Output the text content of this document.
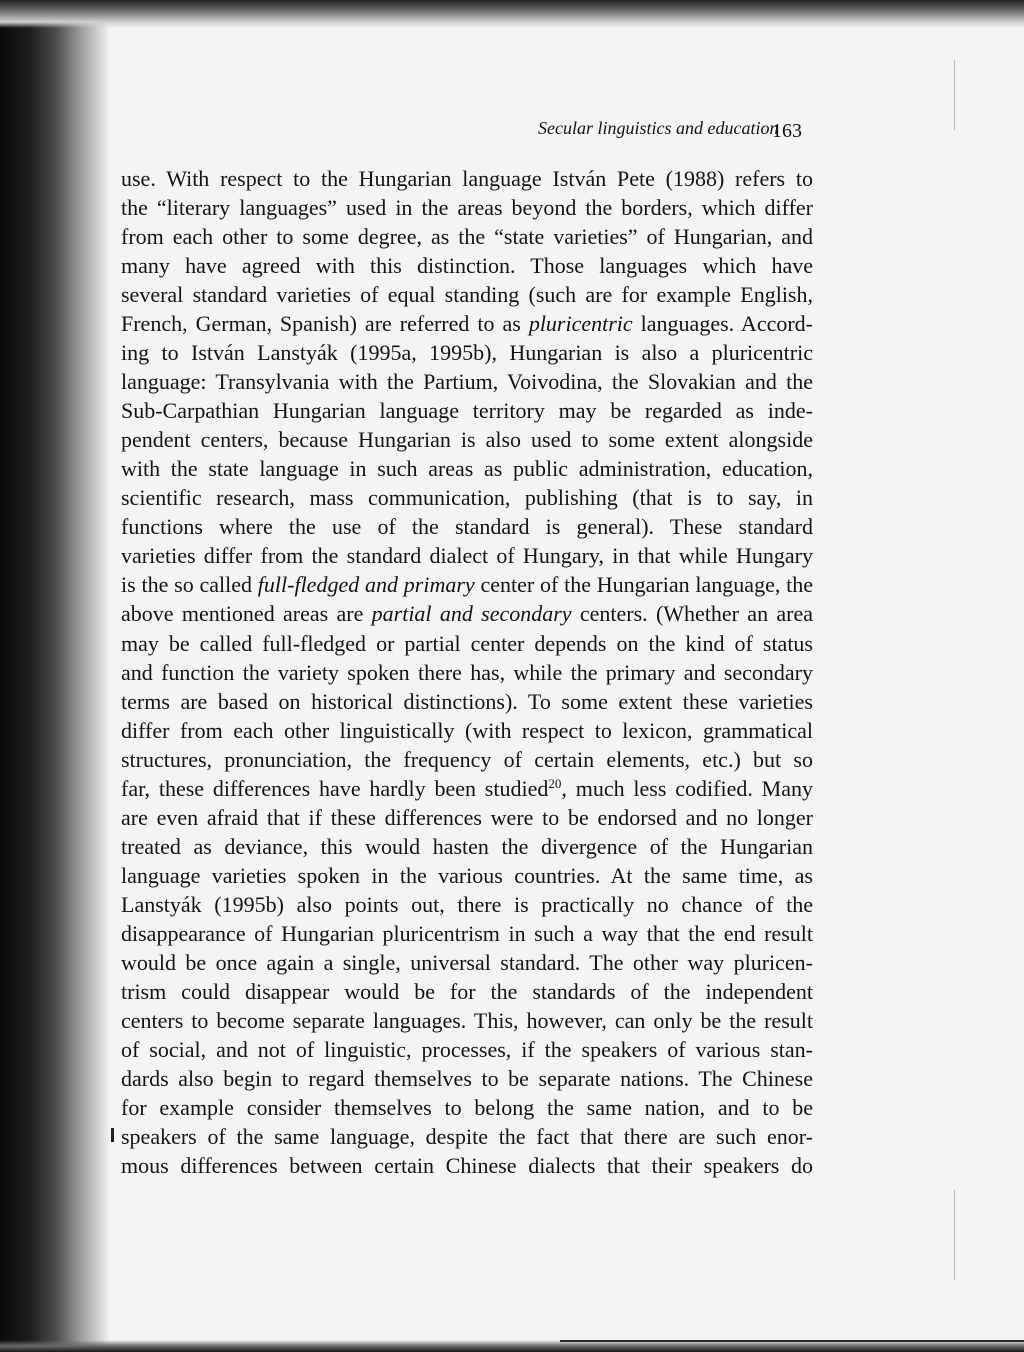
Secular linguistics and education
163
use. With respect to the Hungarian language István Pete (1988) refers to
the “literary languages” used in the areas beyond the borders, which differ
from each other to some degree, as the “state varieties” of Hungarian, and
many have agreed with this distinction. Those languages which have
several standard varieties of equal standing (such are for example English,
French, German, Spanish) are referred to as pluricentric languages. Accord-
ing to István Lanstyák (1995a, 1995b), Hungarian is also a pluricentric
language: Transylvania with the Partium, Voivodina, the Slovakian and the
Sub-Carpathian Hungarian language territory may be regarded as inde-
pendent centers, because Hungarian is also used to some extent alongside
with the state language in such areas as public administration, education,
scientific research, mass communication, publishing (that is to say, in
functions where the use of the standard is general). These standard
varieties differ from the standard dialect of Hungary, in that while Hungary
is the so called full-fledged and primary center of the Hungarian language, the
above mentioned areas are partial and secondary centers. (Whether an area
may be called full-fledged or partial center depends on the kind of status
and function the variety spoken there has, while the primary and secondary
terms are based on historical distinctions). To some extent these varieties
differ from each other linguistically (with respect to lexicon, grammatical
structures, pronunciation, the frequency of certain elements, etc.) but so
far, these differences have hardly been studied$^{20}$, much less codified. Many
are even afraid that if these differences were to be endorsed and no longer
treated as deviance, this would hasten the divergence of the Hungarian
language varieties spoken in the various countries. At the same time, as
Lanstyák (1995b) also points out, there is practically no chance of the
disappearance of Hungarian pluricentrism in such a way that the end result
would be once again a single, universal standard. The other way pluricen-
trism could disappear would be for the standards of the independent
centers to become separate languages. This, however, can only be the result
of social, and not of linguistic, processes, if the speakers of various stan-
dards also begin to regard themselves to be separate nations. The Chinese
for example consider themselves to belong the same nation, and to be
speakers of the same language, despite the fact that there are such enor-
mous differences between certain Chinese dialects that their speakers do
